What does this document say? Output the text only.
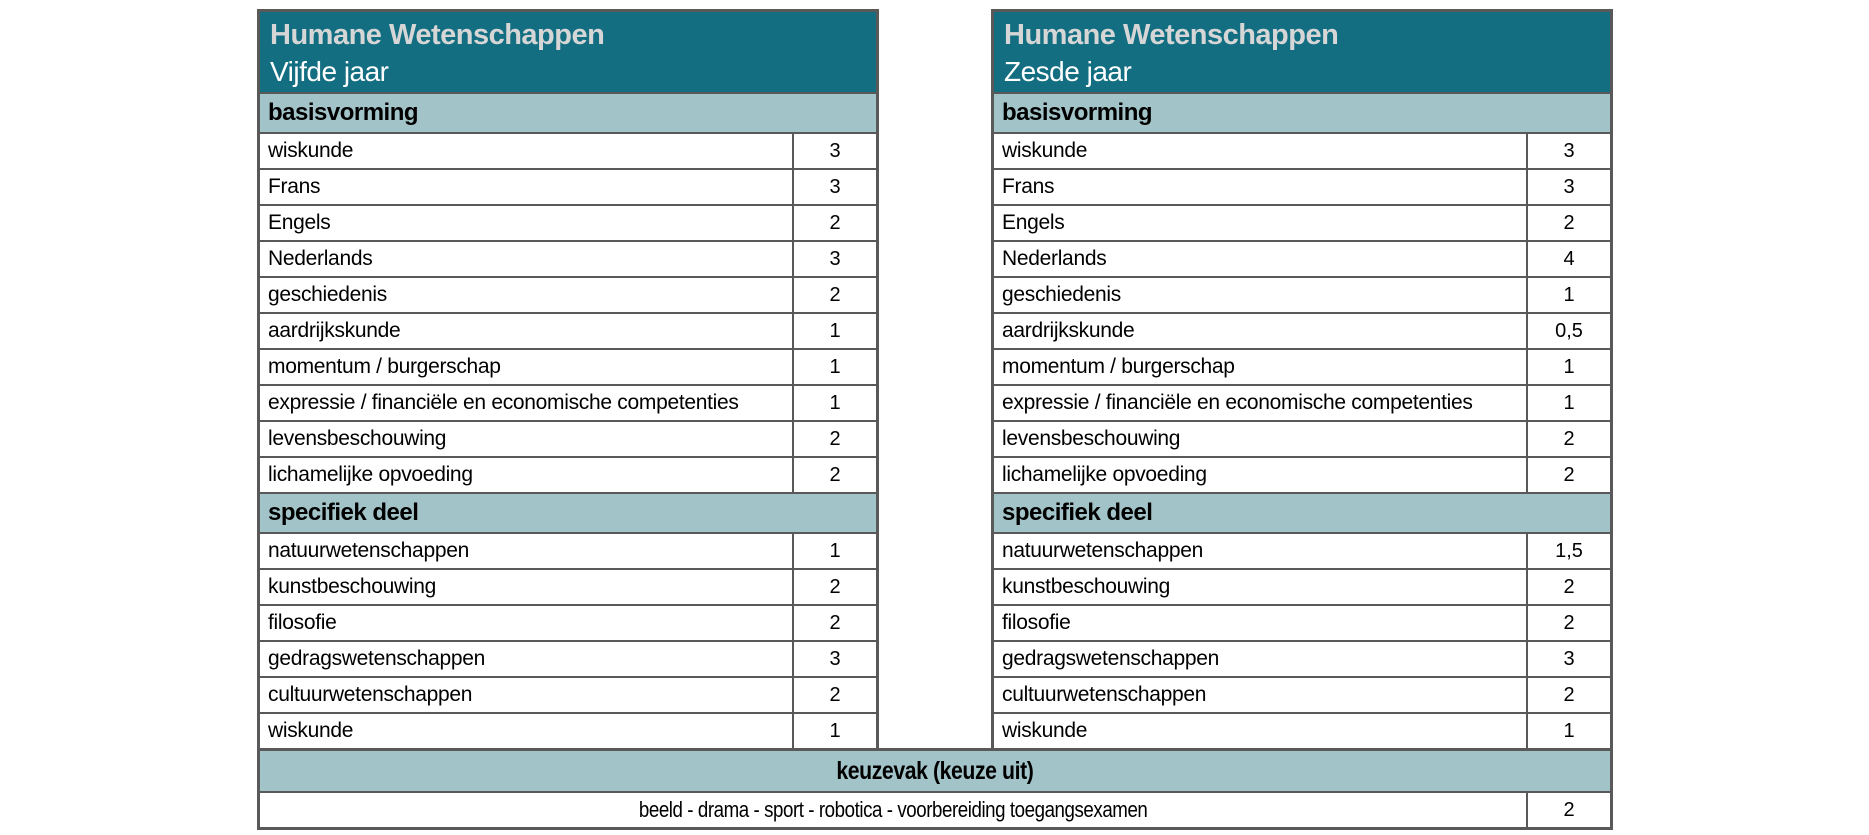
Humane Wetenschappen
Vijfde jaar
basisvorming
wiskunde	3
Frans	3
Engels	2
Nederlands	3
geschiedenis	2
aardrijkskunde	1
momentum / burgerschap	1
expressie / financiële en economische competenties	1
levensbeschouwing	2
lichamelijke opvoeding	2
specifiek deel
natuurwetenschappen	1
kunstbeschouwing	2
filosofie	2
gedragswetenschappen	3
cultuurwetenschappen	2
wiskunde	1
Humane Wetenschappen
Zesde jaar
basisvorming
wiskunde	3
Frans	3
Engels	2
Nederlands	4
geschiedenis	1
aardrijkskunde	0,5
momentum / burgerschap	1
expressie / financiële en economische competenties	1
levensbeschouwing	2
lichamelijke opvoeding	2
specifiek deel
natuurwetenschappen	1,5
kunstbeschouwing	2
filosofie	2
gedragswetenschappen	3
cultuurwetenschappen	2
wiskunde	1
keuzevak (keuze uit)
beeld - drama - sport - robotica - voorbereiding toegangsexamen	2
